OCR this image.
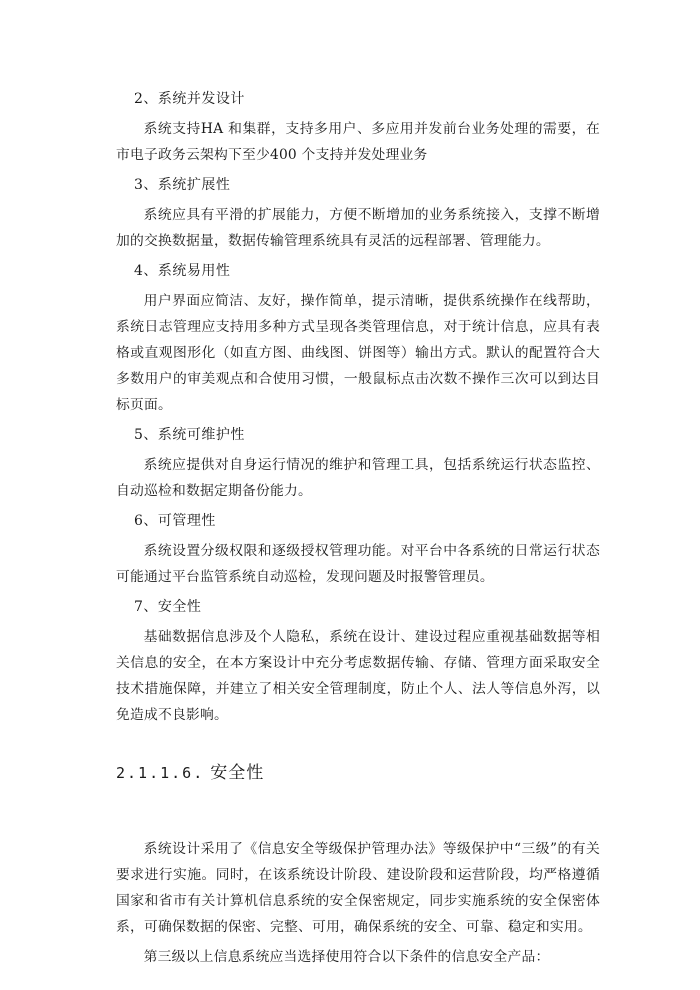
2、系统并发设计

系统支持HA 和集群，支持多用户、多应用并发前台业务处理的需要，在市电子政务云架构下至少400 个支持并发处理业务

3、系统扩展性

系统应具有平滑的扩展能力，方便不断增加的业务系统接入，支撑不断增加的交换数据量，数据传输管理系统具有灵活的远程部署、管理能力。

4、系统易用性

用户界面应简洁、友好，操作简单，提示清晰，提供系统操作在线帮助，系统日志管理应支持用多种方式呈现各类管理信息，对于统计信息，应具有表格或直观图形化（如直方图、曲线图、饼图等）输出方式。默认的配置符合大多数用户的审美观点和合使用习惯，一般鼠标点击次数不操作三次可以到达目标页面。

5、系统可维护性

系统应提供对自身运行情况的维护和管理工具，包括系统运行状态监控、自动巡检和数据定期备份能力。

6、可管理性

系统设置分级权限和逐级授权管理功能。对平台中各系统的日常运行状态可能通过平台监管系统自动巡检，发现问题及时报警管理员。

7、安全性

基础数据信息涉及个人隐私，系统在设计、建设过程应重视基础数据等相关信息的安全，在本方案设计中充分考虑数据传输、存储、管理方面采取安全技术措施保障，并建立了相关安全管理制度，防止个人、法人等信息外泻，以免造成不良影响。

2.1.1.6. 安全性

系统设计采用了《信息安全等级保护管理办法》等级保护中“三级”的有关要求进行实施。同时，在该系统设计阶段、建设阶段和运营阶段，均严格遵循国家和省市有关计算机信息系统的安全保密规定，同步实施系统的安全保密体系，可确保数据的保密、完整、可用，确保系统的安全、可靠、稳定和实用。

第三级以上信息系统应当选择使用符合以下条件的信息安全产品：
